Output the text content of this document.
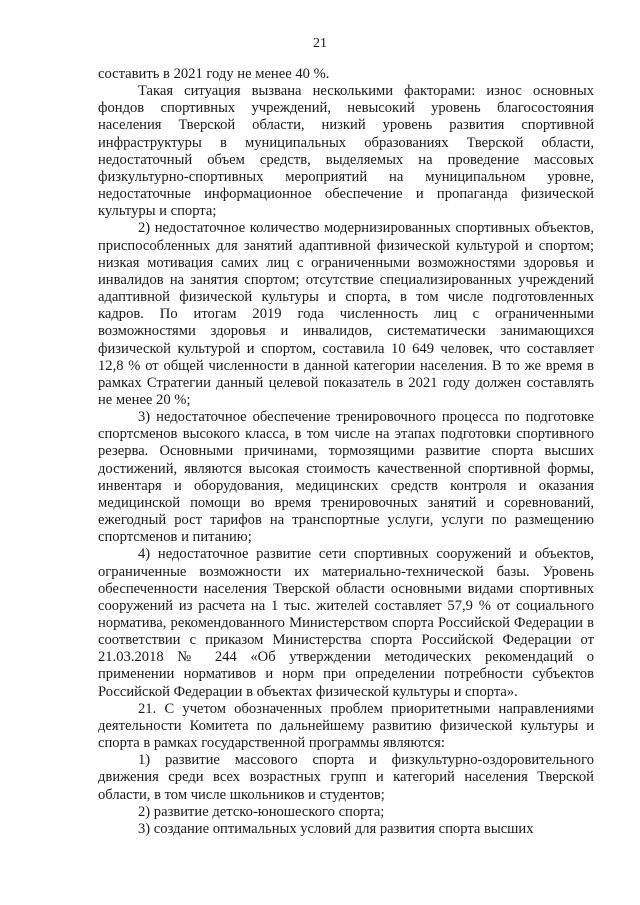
21

составить в 2021 году не менее 40 %.

Такая ситуация вызвана несколькими факторами: износ основных фондов спортивных учреждений, невысокий уровень благосостояния населения Тверской области, низкий уровень развития спортивной инфраструктуры в муниципальных образованиях Тверской области, недостаточный объем средств, выделяемых на проведение массовых физкультурно-спортивных мероприятий на муниципальном уровне, недостаточные информационное обеспечение и пропаганда физической культуры и спорта;

2) недостаточное количество модернизированных спортивных объектов, приспособленных для занятий адаптивной физической культурой и спортом; низкая мотивация самих лиц с ограниченными возможностями здоровья и инвалидов на занятия спортом; отсутствие специализированных учреждений адаптивной физической культуры и спорта, в том числе подготовленных кадров. По итогам 2019 года численность лиц с ограниченными возможностями здоровья и инвалидов, систематически занимающихся физической культурой и спортом, составила 10 649 человек, что составляет 12,8 % от общей численности в данной категории населения. В то же время в рамках Стратегии данный целевой показатель в 2021 году должен составлять не менее 20 %;

3) недостаточное обеспечение тренировочного процесса по подготовке спортсменов высокого класса, в том числе на этапах подготовки спортивного резерва. Основными причинами, тормозящими развитие спорта высших достижений, являются высокая стоимость качественной спортивной формы, инвентаря и оборудования, медицинских средств контроля и оказания медицинской помощи во время тренировочных занятий и соревнований, ежегодный рост тарифов на транспортные услуги, услуги по размещению спортсменов и питанию;

4) недостаточное развитие сети спортивных сооружений и объектов, ограниченные возможности их материально-технической базы. Уровень обеспеченности населения Тверской области основными видами спортивных сооружений из расчета на 1 тыс. жителей составляет 57,9 % от социального норматива, рекомендованного Министерством спорта Российской Федерации в соответствии с приказом Министерства спорта Российской Федерации от 21.03.2018 № 244 «Об утверждении методических рекомендаций о применении нормативов и норм при определении потребности субъектов Российской Федерации в объектах физической культуры и спорта».

21. С учетом обозначенных проблем приоритетными направлениями деятельности Комитета по дальнейшему развитию физической культуры и спорта в рамках государственной программы являются:

1) развитие массового спорта и физкультурно-оздоровительного движения среди всех возрастных групп и категорий населения Тверской области, в том числе школьников и студентов;

2) развитие детско-юношеского спорта;

3) создание оптимальных условий для развития спорта высших
